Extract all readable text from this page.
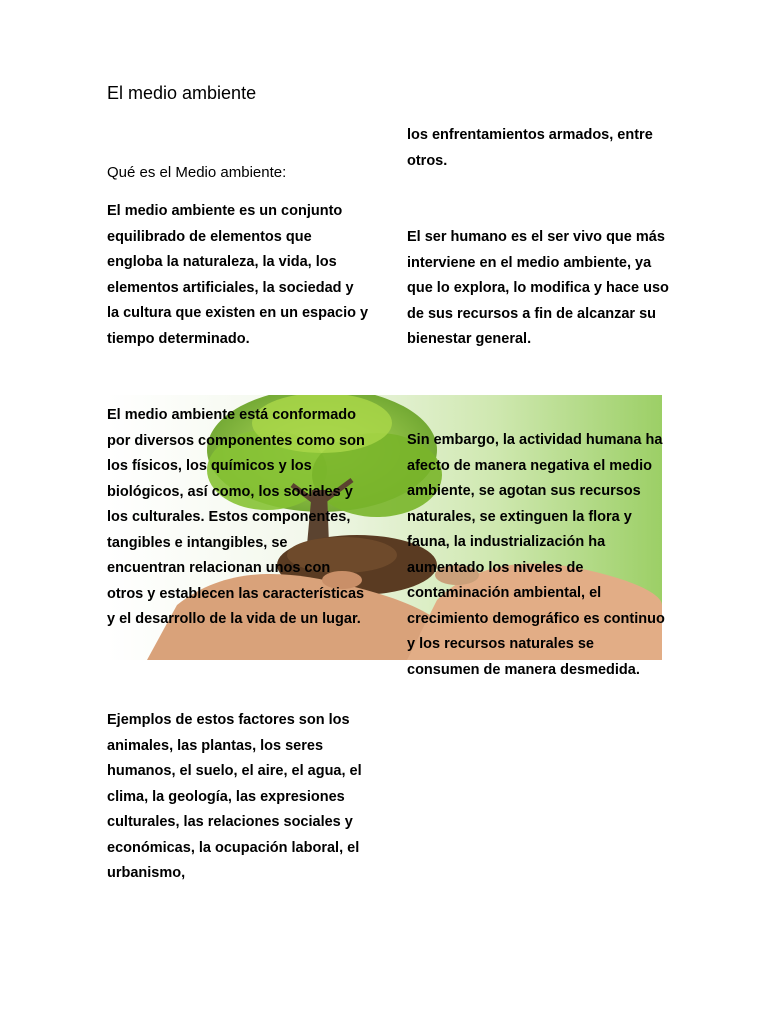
El medio ambiente
Qué es el Medio ambiente:
El medio ambiente es un conjunto equilibrado de elementos que engloba la naturaleza, la vida, los elementos artificiales, la sociedad y la cultura que existen en un espacio y tiempo determinado.
El medio ambiente está conformado por diversos componentes como son los físicos, los químicos y los biológicos, así como, los sociales y los culturales. Estos componentes, tangibles e intangibles, se encuentran relacionan unos con otros y establecen las características y el desarrollo de la vida de un lugar.
Ejemplos de estos factores son los animales, las plantas, los seres humanos, el suelo, el aire, el agua, el clima, la geología, las expresiones culturales, las relaciones sociales y económicas, la ocupación laboral, el urbanismo,
los enfrentamientos armados, entre otros.
El ser humano es el ser vivo que más interviene en el medio ambiente, ya que lo explora, lo modifica y hace uso de sus recursos a fin de alcanzar su bienestar general.
Sin embargo, la actividad humana ha afecto de manera negativa el medio ambiente, se agotan sus recursos naturales, se extinguen la flora y fauna, la industrialización ha aumentado los niveles de contaminación ambiental, el crecimiento demográfico es continuo y los recursos naturales se consumen de manera desmedida.
